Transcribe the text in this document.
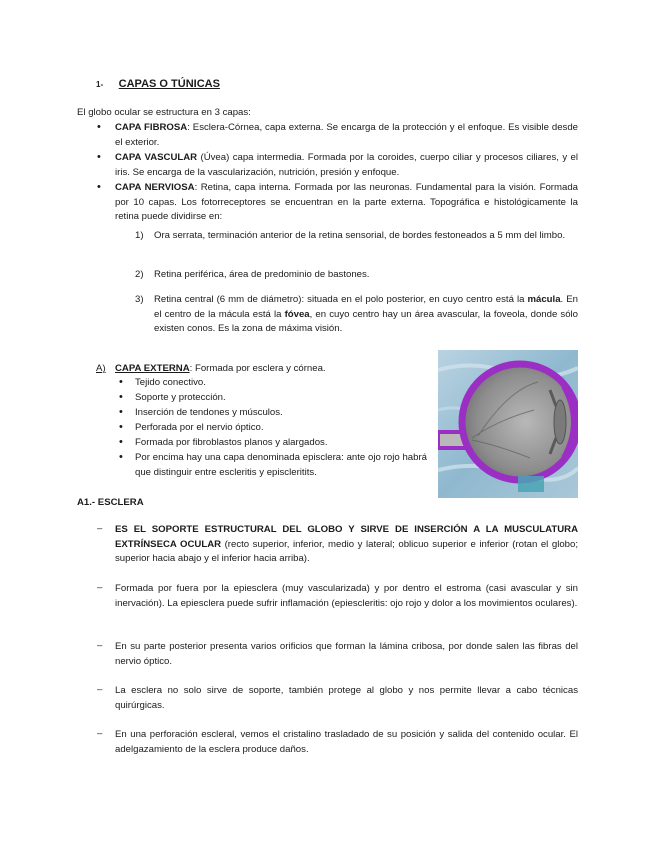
1- CAPAS O TÚNICAS
El globo ocular se estructura en 3 capas:
• CAPA FIBROSA: Esclera-Córnea, capa externa. Se encarga de la protección y el enfoque. Es visible desde el exterior.
• CAPA VASCULAR (Úvea) capa intermedia. Formada por la coroides, cuerpo ciliar y procesos ciliares, y el iris. Se encarga de la vascularización, nutrición, presión y enfoque.
• CAPA NERVIOSA: Retina, capa interna. Formada por las neuronas. Fundamental para la visión. Formada por 10 capas. Los fotorreceptores se encuentran en la parte externa. Topográfica e histológicamente la retina puede dividirse en:
1) Ora serrata, terminación anterior de la retina sensorial, de bordes festoneados a 5 mm del limbo.
2) Retina periférica, área de predominio de bastones.
3) Retina central (6 mm de diámetro): situada en el polo posterior, en cuyo centro está la mácula. En el centro de la mácula está la fóvea, en cuyo centro hay un área avascular, la foveola, donde sólo existen conos. Es la zona de máxima visión.
A) CAPA EXTERNA: Formada por esclera y córnea.
• Tejido conectivo.
• Soporte y protección.
• Inserción de tendones y músculos.
• Perforada por el nervio óptico.
• Formada por fibroblastos planos y alargados.
• Por encima hay una capa denominada episclera: ante ojo rojo habrá que distinguir entre escleritis y episcleritits.
A1.- ESCLERA
– ES EL SOPORTE ESTRUCTURAL DEL GLOBO Y SIRVE DE INSERCIÓN A LA MUSCULATURA EXTRÍNSECA OCULAR (recto superior, inferior, medio y lateral; oblicuo superior e inferior (rotan el globo; superior hacia abajo y el inferior hacia arriba).
– Formada por fuera por la epiesclera (muy vascularizada) y por dentro el estroma (casi avascular y sin inervación). La epiesclera puede sufrir inflamación (epiescleritis: ojo rojo y dolor a los movimientos oculares).
– En su parte posterior presenta varios orificios que forman la lámina cribosa, por donde salen las fibras del nervio óptico.
– La esclera no solo sirve de soporte, también protege al globo y nos permite llevar a cabo técnicas quirúrgicas.
– En una perforación escleral, vemos el cristalino trasladado de su posición y salida del contenido ocular. El adelgazamiento de la esclera produce daños.
